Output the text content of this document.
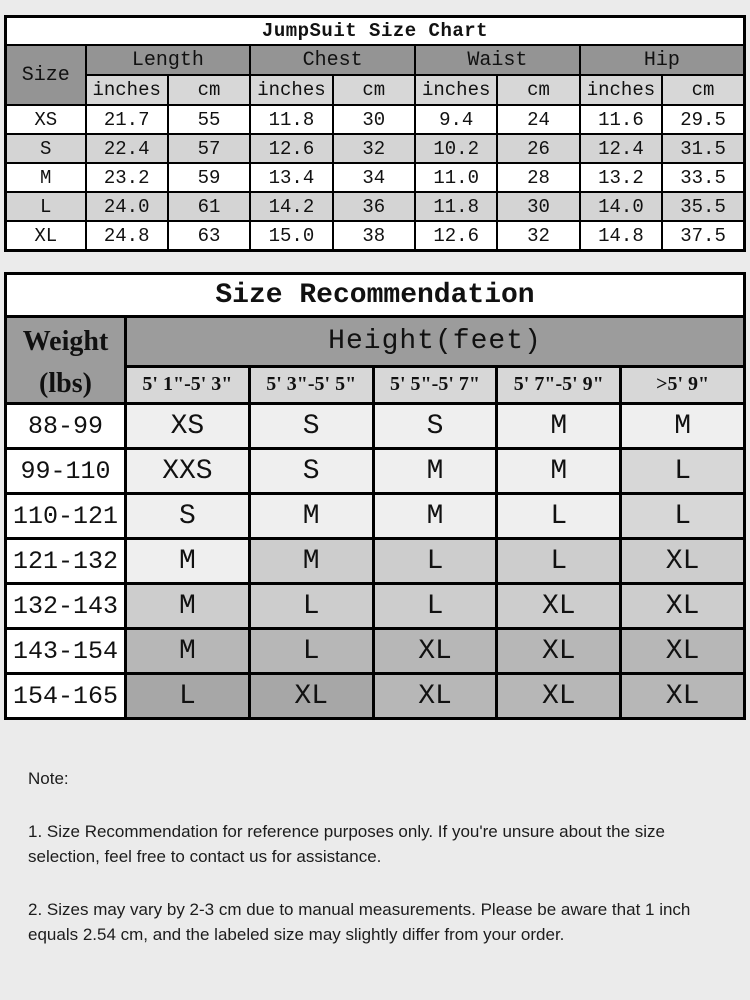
JumpSuit Size Chart								
Size	Length		Chest		Waist		Hip	
	inches	cm	inches	cm	inches	cm	inches	cm
XS	21.7	55	11.8	30	9.4	24	11.6	29.5
S	22.4	57	12.6	32	10.2	26	12.4	31.5
M	23.2	59	13.4	34	11.0	28	13.2	33.5
L	24.0	61	14.2	36	11.8	30	14.0	35.5
XL	24.8	63	15.0	38	12.6	32	14.8	37.5
Size Recommendation					

Weight
(lbs)	Height(feet)				
	5' 1"-5' 3"	5' 3"-5' 5"	5' 5"-5' 7"	5' 7"-5' 9"	>5' 9"
88-99	XS	S	S	M	M
99-110	XXS	S	M	M	L
110-121	S	M	M	L	L
121-132	M	M	L	L	XL
132-143	M	L	L	XL	XL
143-154	M	L	XL	XL	XL
154-165	L	XL	XL	XL	XL

Note:

1. Size Recommendation for reference purposes only. If you're unsure about the size selection, feel free to contact us for assistance.

2. Sizes may vary by 2-3 cm due to manual measurements. Please be aware that 1 inch equals 2.54 cm, and the labeled size may slightly differ from your order.
